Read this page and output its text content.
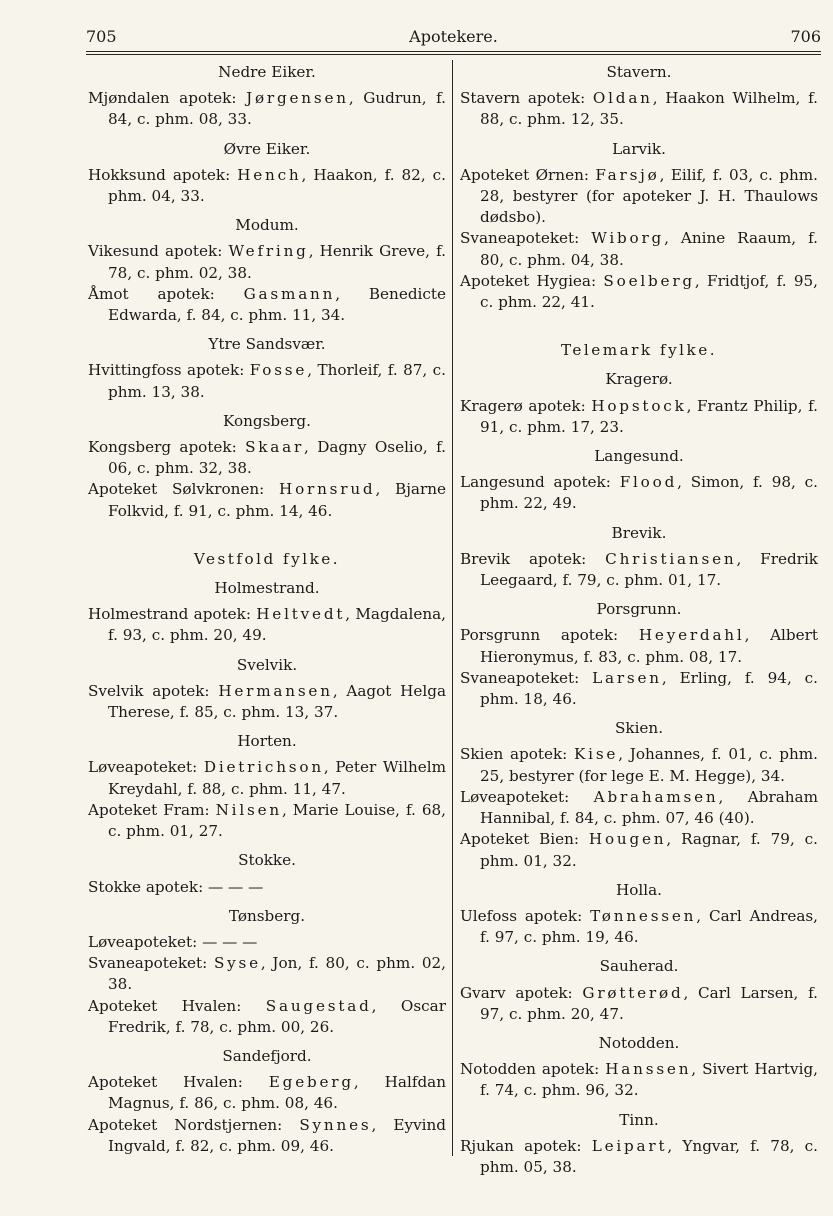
705	Apotekere.	706
Nedre Eiker.

Mjøndalen apotek: Jørgensen, Gudrun, f. 84, c. phm. 08, 33.

Øvre Eiker.

Hokksund apotek: Hench, Haakon, f. 82, c. phm. 04, 33.

Modum.

Vikesund apotek: Wefring, Henrik Greve, f. 78, c. phm. 02, 38.

Åmot apotek: Gasmann, Benedicte Edwarda, f. 84, c. phm. 11, 34.

Ytre Sandsvær.

Hvittingfoss apotek: Fosse, Thorleif, f. 87, c. phm. 13, 38.

Kongsberg.

Kongsberg apotek: Skaar, Dagny Oselio, f. 06, c. phm. 32, 38.

Apoteket Sølvkronen: Hornsrud, Bjarne Folkvid, f. 91, c. phm. 14, 46.

Vestfold fylke.
Holmestrand.

Holmestrand apotek: Heltvedt, Magdalena, f. 93, c. phm. 20, 49.

Svelvik.

Svelvik apotek: Hermansen, Aagot Helga Therese, f. 85, c. phm. 13, 37.

Horten.

Løveapoteket: Dietrichson, Peter Wilhelm Kreydahl, f. 88, c. phm. 11, 47.

Apoteket Fram: Nilsen, Marie Louise, f. 68, c. phm. 01, 27.

Stokke.

Stokke apotek: — — —

Tønsberg.

Løveapoteket: — — —

Svaneapoteket: Syse, Jon, f. 80, c. phm. 02, 38.

Apoteket Hvalen: Saugestad, Oscar Fredrik, f. 78, c. phm. 00, 26.

Sandefjord.

Apoteket Hvalen: Egeberg, Halfdan Magnus, f. 86, c. phm. 08, 46.

Apoteket Nordstjernen: Synnes, Eyvind Ingvald, f. 82, c. phm. 09, 46.

Stavern.

Stavern apotek: Oldan, Haakon Wilhelm, f. 88, c. phm. 12, 35.

Larvik.

Apoteket Ørnen: Farsjø, Eilif, f. 03, c. phm. 28, bestyrer (for apoteker J. H. Thaulows dødsbo).

Svaneapoteket: Wiborg, Anine Raaum, f. 80, c. phm. 04, 38.

Apoteket Hygiea: Soelberg, Fridtjof, f. 95, c. phm. 22, 41.

Telemark fylke.
Kragerø.

Kragerø apotek: Hopstock, Frantz Philip, f. 91, c. phm. 17, 23.

Langesund.

Langesund apotek: Flood, Simon, f. 98, c. phm. 22, 49.

Brevik.

Brevik apotek: Christiansen, Fredrik Leegaard, f. 79, c. phm. 01, 17.

Porsgrunn.

Porsgrunn apotek: Heyerdahl, Albert Hieronymus, f. 83, c. phm. 08, 17.

Svaneapoteket: Larsen, Erling, f. 94, c. phm. 18, 46.

Skien.

Skien apotek: Kise, Johannes, f. 01, c. phm. 25, bestyrer (for lege E. M. Hegge), 34.

Løveapoteket: Abrahamsen, Abraham Hannibal, f. 84, c. phm. 07, 46 (40).

Apoteket Bien: Hougen, Ragnar, f. 79, c. phm. 01, 32.

Holla.

Ulefoss apotek: Tønnessen, Carl Andreas, f. 97, c. phm. 19, 46.

Sauherad.

Gvarv apotek: Grøtterød, Carl Larsen, f. 97, c. phm. 20, 47.

Notodden.

Notodden apotek: Hanssen, Sivert Hartvig, f. 74, c. phm. 96, 32.

Tinn.

Rjukan apotek: Leipart, Yngvar, f. 78, c. phm. 05, 38.
